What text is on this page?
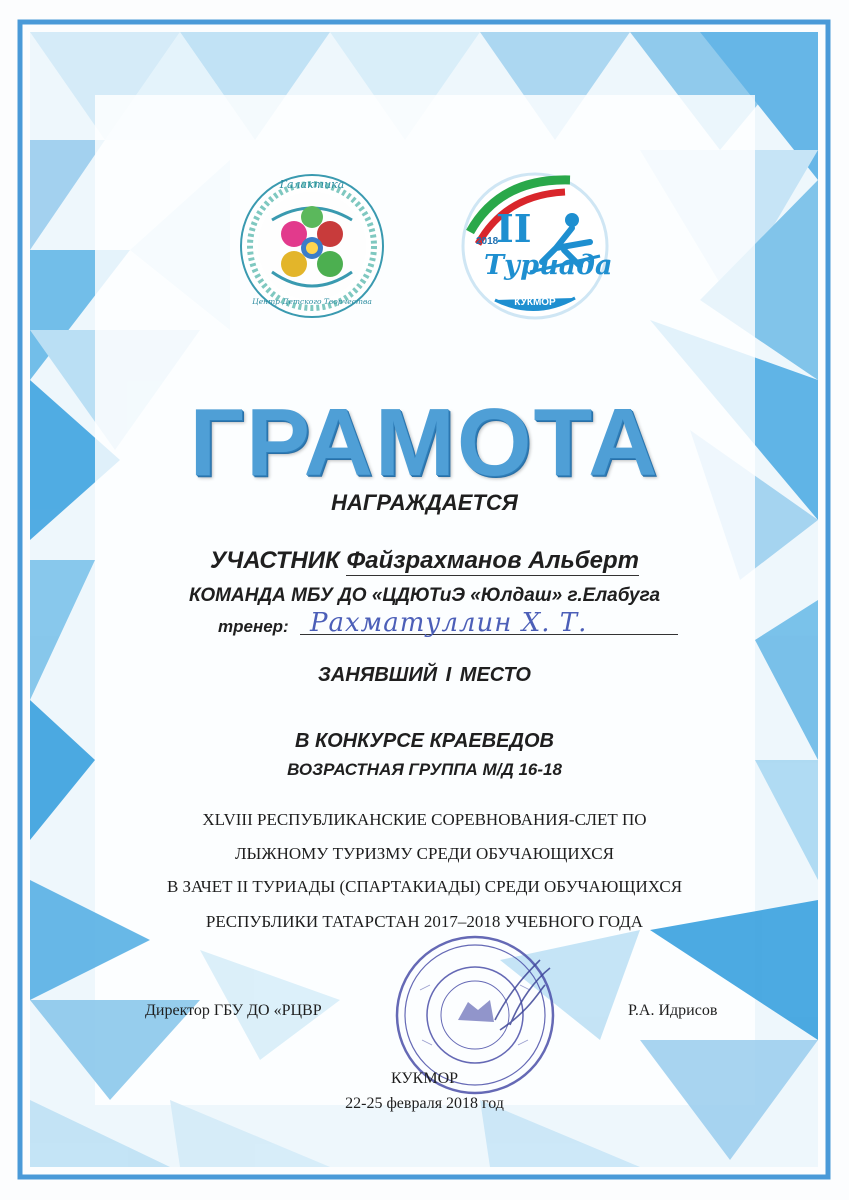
Галактика
Центр Детского Творчества
2018
II
Туриада
КУКМОР
ГРАМОТА
НАГРАЖДАЕТСЯ
УЧАСТНИК Файзрахманов Альберт
КОМАНДА МБУ ДО «ЦДЮТиЭ «Юлдаш» г.Елабуга
тренер: Рахматуллин Х. Т.
ЗАНЯВШИЙ I МЕСТО
В КОНКУРСЕ КРАЕВЕДОВ
ВОЗРАСТНАЯ ГРУППА М/Д 16-18
XLVIII РЕСПУБЛИКАНСКИЕ СОРЕВНОВАНИЯ-СЛЕТ ПО
ЛЫЖНОМУ ТУРИЗМУ СРЕДИ ОБУЧАЮЩИХСЯ
В ЗАЧЕТ II ТУРИАДЫ (СПАРТАКИАДЫ) СРЕДИ ОБУЧАЮЩИХСЯ
РЕСПУБЛИКИ ТАТАРСТАН 2017–2018 УЧЕБНОГО ГОДА
Директор ГБУ ДО «РЦВР	Р.А. Идрисов
КУКМОР
22-25 февраля 2018 год
